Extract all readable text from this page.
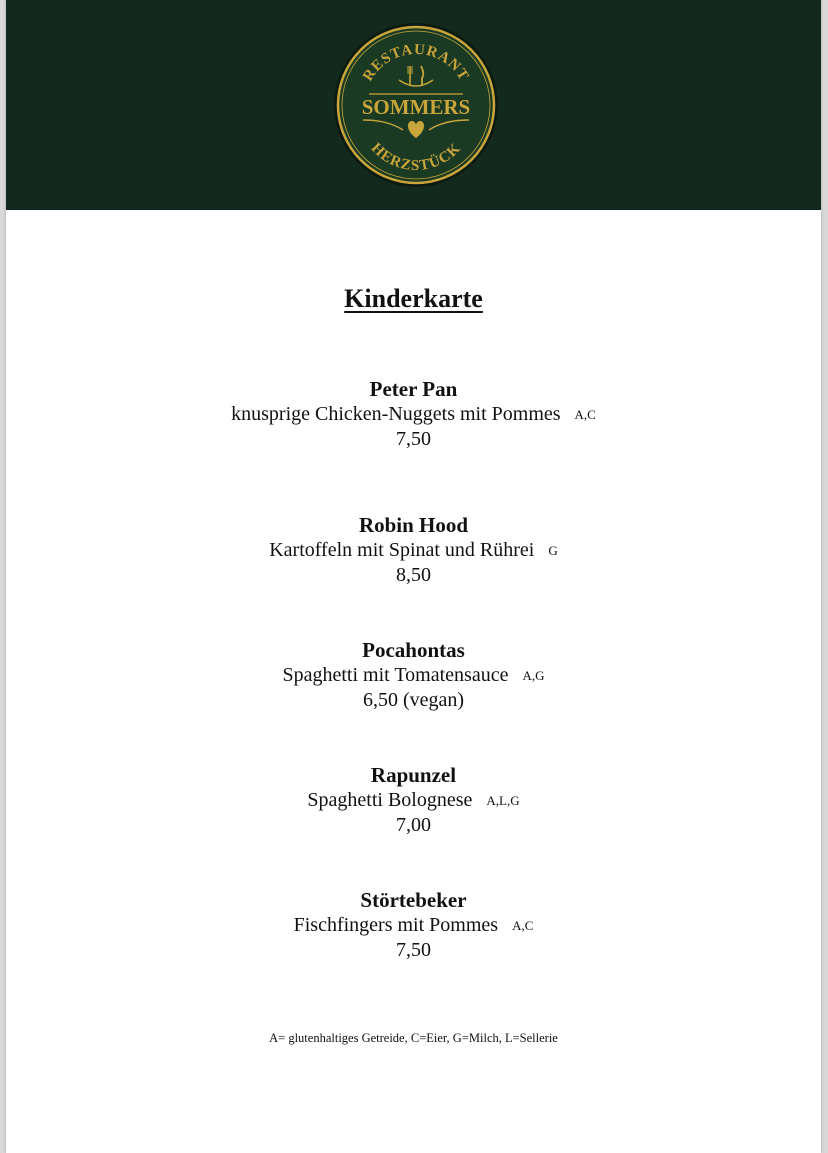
RESTAURANT
HERZSTÜCK
SOMMERS
Kinderkarte
Peter Pan
knusprige Chicken-Nuggets mit Pommes A,C
7,50
Robin Hood
Kartoffeln mit Spinat und Rührei G
8,50
Pocahontas
Spaghetti mit Tomatensauce A,G
6,50 (vegan)
Rapunzel
Spaghetti Bolognese A,L,G
7,00
Störtebeker
Fischfingers mit Pommes A,C
7,50
A= glutenhaltiges Getreide, C=Eier, G=Milch, L=Sellerie
